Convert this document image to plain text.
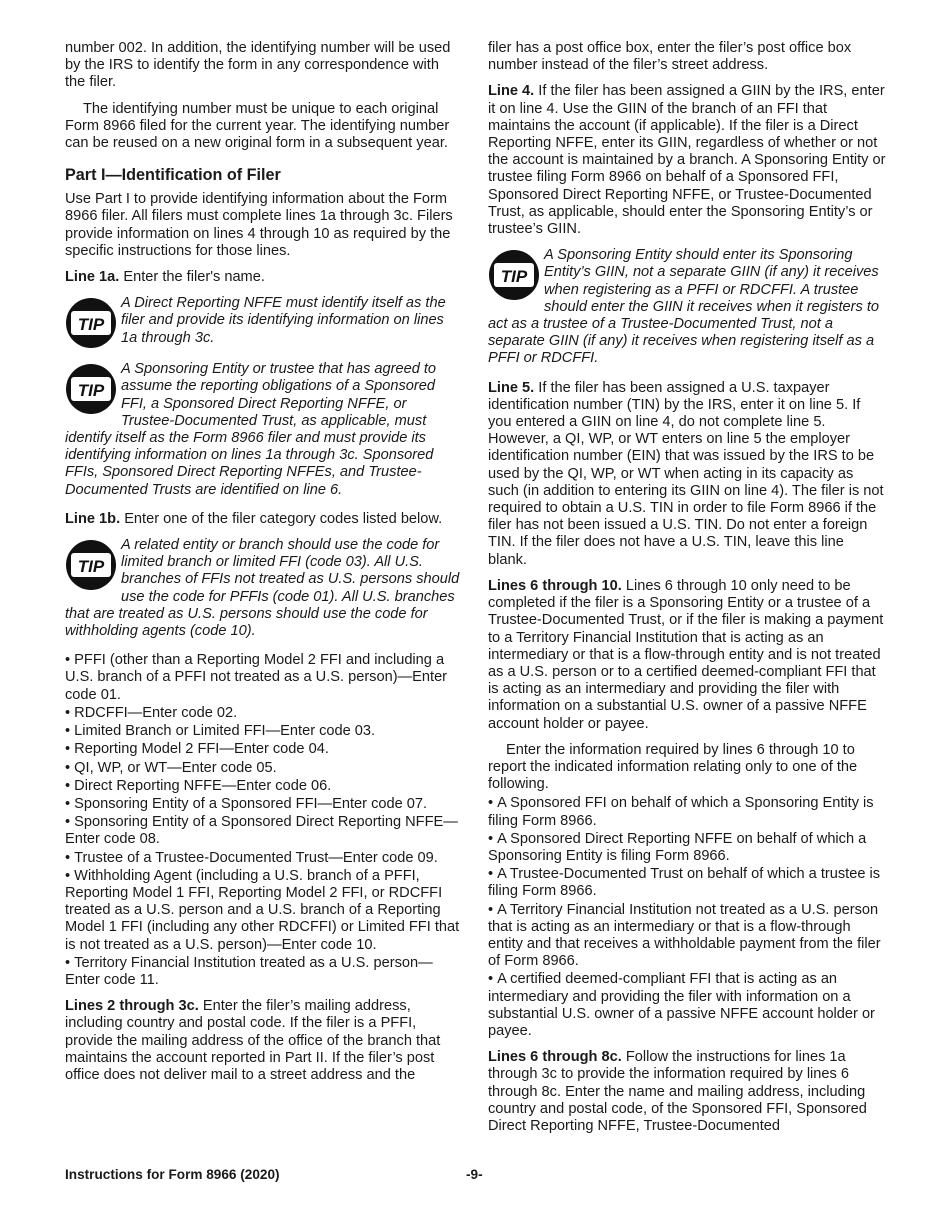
number 002. In addition, the identifying number will be used by the IRS to identify the form in any correspondence with the filer.

The identifying number must be unique to each original Form 8966 filed for the current year. The identifying number can be reused on a new original form in a subsequent year.

Part I—Identification of Filer

Use Part I to provide identifying information about the Form 8966 filer. All filers must complete lines 1a through 3c. Filers provide information on lines 4 through 10 as required by the specific instructions for those lines.

Line 1a. Enter the filer's name.

TIP
A Direct Reporting NFFE must identify itself as the filer and provide its identifying information on lines 1a through 3c.
TIP
A Sponsoring Entity or trustee that has agreed to assume the reporting obligations of a Sponsored FFI, a Sponsored Direct Reporting NFFE, or Trustee-Documented Trust, as applicable, must identify itself as the Form 8966 filer and must provide its identifying information on lines 1a through 3c. Sponsored FFIs, Sponsored Direct Reporting NFFEs, and Trustee-Documented Trusts are identified on line 6.

Line 1b. Enter one of the filer category codes listed below.

TIP
A related entity or branch should use the code for limited branch or limited FFI (code 03). All U.S. branches of FFIs not treated as U.S. persons should use the code for PFFIs (code 01). All U.S. branches that are treated as U.S. persons should use the code for withholding agents (code 10).
• PFFI (other than a Reporting Model 2 FFI and including a U.S. branch of a PFFI not treated as a U.S. person)—Enter code 01.
• RDCFFI—Enter code 02.
• Limited Branch or Limited FFI—Enter code 03.
• Reporting Model 2 FFI—Enter code 04.
• QI, WP, or WT—Enter code 05.
• Direct Reporting NFFE—Enter code 06.
• Sponsoring Entity of a Sponsored FFI—Enter code 07.
• Sponsoring Entity of a Sponsored Direct Reporting NFFE—Enter code 08.
• Trustee of a Trustee-Documented Trust—Enter code 09.
• Withholding Agent (including a U.S. branch of a PFFI, Reporting Model 1 FFI, Reporting Model 2 FFI, or RDCFFI treated as a U.S. person and a U.S. branch of a Reporting Model 1 FFI (including any other RDCFFI) or Limited FFI that is not treated as a U.S. person)—Enter code 10.
• Territory Financial Institution treated as a U.S. person—Enter code 11.

Lines 2 through 3c. Enter the filer’s mailing address, including country and postal code. If the filer is a PFFI, provide the mailing address of the office of the branch that maintains the account reported in Part II. If the filer’s post office does not deliver mail to a street address and the

filer has a post office box, enter the filer’s post office box number instead of the filer’s street address.

Line 4. If the filer has been assigned a GIIN by the IRS, enter it on line 4. Use the GIIN of the branch of an FFI that maintains the account (if applicable). If the filer is a Direct Reporting NFFE, enter its GIIN, regardless of whether or not the account is maintained by a branch. A Sponsoring Entity or trustee filing Form 8966 on behalf of a Sponsored FFI, Sponsored Direct Reporting NFFE, or Trustee-Documented Trust, as applicable, should enter the Sponsoring Entity’s or trustee’s GIIN.

TIP
A Sponsoring Entity should enter its Sponsoring Entity’s GIIN, not a separate GIIN (if any) it receives when registering as a PFFI or RDCFFI. A trustee should enter the GIIN it receives when it registers to act as a trustee of a Trustee-Documented Trust, not a separate GIIN (if any) it receives when registering itself as a PFFI or RDCFFI.

Line 5. If the filer has been assigned a U.S. taxpayer identification number (TIN) by the IRS, enter it on line 5. If you entered a GIIN on line 4, do not complete line 5. However, a QI, WP, or WT enters on line 5 the employer identification number (EIN) that was issued by the IRS to be used by the QI, WP, or WT when acting in its capacity as such (in addition to entering its GIIN on line 4). The filer is not required to obtain a U.S. TIN in order to file Form 8966 if the filer has not been issued a U.S. TIN. Do not enter a foreign TIN. If the filer does not have a U.S. TIN, leave this line blank.

Lines 6 through 10. Lines 6 through 10 only need to be completed if the filer is a Sponsoring Entity or a trustee of a Trustee-Documented Trust, or if the filer is making a payment to a Territory Financial Institution that is acting as an intermediary or that is a flow-through entity and is not treated as a U.S. person or to a certified deemed-compliant FFI that is acting as an intermediary and providing the filer with information on a substantial U.S. owner of a passive NFFE account holder or payee.

Enter the information required by lines 6 through 10 to report the indicated information relating only to one of the following.

• A Sponsored FFI on behalf of which a Sponsoring Entity is filing Form 8966.
• A Sponsored Direct Reporting NFFE on behalf of which a Sponsoring Entity is filing Form 8966.
• A Trustee-Documented Trust on behalf of which a trustee is filing Form 8966.
• A Territory Financial Institution not treated as a U.S. person that is acting as an intermediary or that is a flow-through entity and that receives a withholdable payment from the filer of Form 8966.
• A certified deemed-compliant FFI that is acting as an intermediary and providing the filer with information on a substantial U.S. owner of a passive NFFE account holder or payee.

Lines 6 through 8c. Follow the instructions for lines 1a through 3c to provide the information required by lines 6 through 8c. Enter the name and mailing address, including country and postal code, of the Sponsored FFI, Sponsored Direct Reporting NFFE, Trustee-Documented

Instructions for Form 8966 (2020)	-9-
